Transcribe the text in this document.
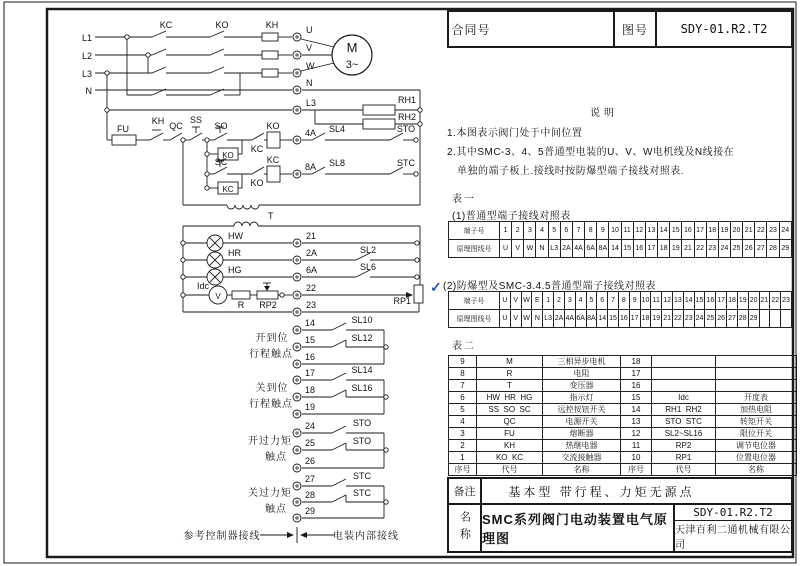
L1
L2
L3
N
KC	KO	KH	U
V
W
N
M
3~
L3	RH1
RH2
FU
KH QC
SS
SO
KO
KC
KO
4A SL4	STO
SC
KC
KO
KC
8A SL8	STC
T
HW	21
HR	2A	SL2
HG	6A	SL6
Idc
V
R RP2
22
RP1
23
14	SL10
15	SL12
16
开到位
行程触点
17	SL14
18	SL16
19
关到位
行程触点
24	STO
25	STO
26
开过力矩
触点
27	STC
28	STC
29
关过力矩
触点
参考控制器接线	电装内部接线
合同号	图号	SDY-01.R2.T2
说明
1.本图表示阀门处于中间位置
2.其中SMC-3、4、5普通型电装的U、V、W电机线及N线接在
单独的端子板上.接线时按防爆型端子接线对照表.
表一
(1)普通型端子接线对照表
端子号	1	2	3	4	5	6	7	8	9	10	11	12	13	14	15	16	17	18	19	20	21	22	23	24
原理图线号	U	V	W	N	L3	2A	4A	6A	8A	14	15	16	17	18	19	21	22	23	24	25	26	27	28	29
✓ (2)防爆型及SMC-3.4.5普通型端子接线对照表
端子号	U	V	W	E	1	2	3	4	5	6	7	8	9	10	11	12	13	14	15	16	17	18	19	20	21	22	23
原理图线号	U	V	W	N	L3	2A	4A	6A	8A	14	15	16	17	18	19	21	22	23	24	25	26	27	28	29			
表二
9	M	三相异步电机	18		
8	R	电阻	17		
7	T	变压器	16		
6	HW  HR  HG	指示灯	15	Idc	开度表
5	SS  SO  SC	远控按钮开关	14	RH1  RH2	加热电阻
4	QC	电源开关	13	STO  STC	转矩开关
3	FU	熔断器	12	SL2~SL16	限位开关
2	KH	热继电器	11	RP2	调节电位器
1	KO  KC	交流接触器	10	RP1	位置电位器
序号	代号	名称	序号	代号	名称
备注	基本型 带行程、力矩无源点
名称 SMC系列阀门电动装置电气原理图
SDY-01.R2.T2
天津百利二通机械有限公司
